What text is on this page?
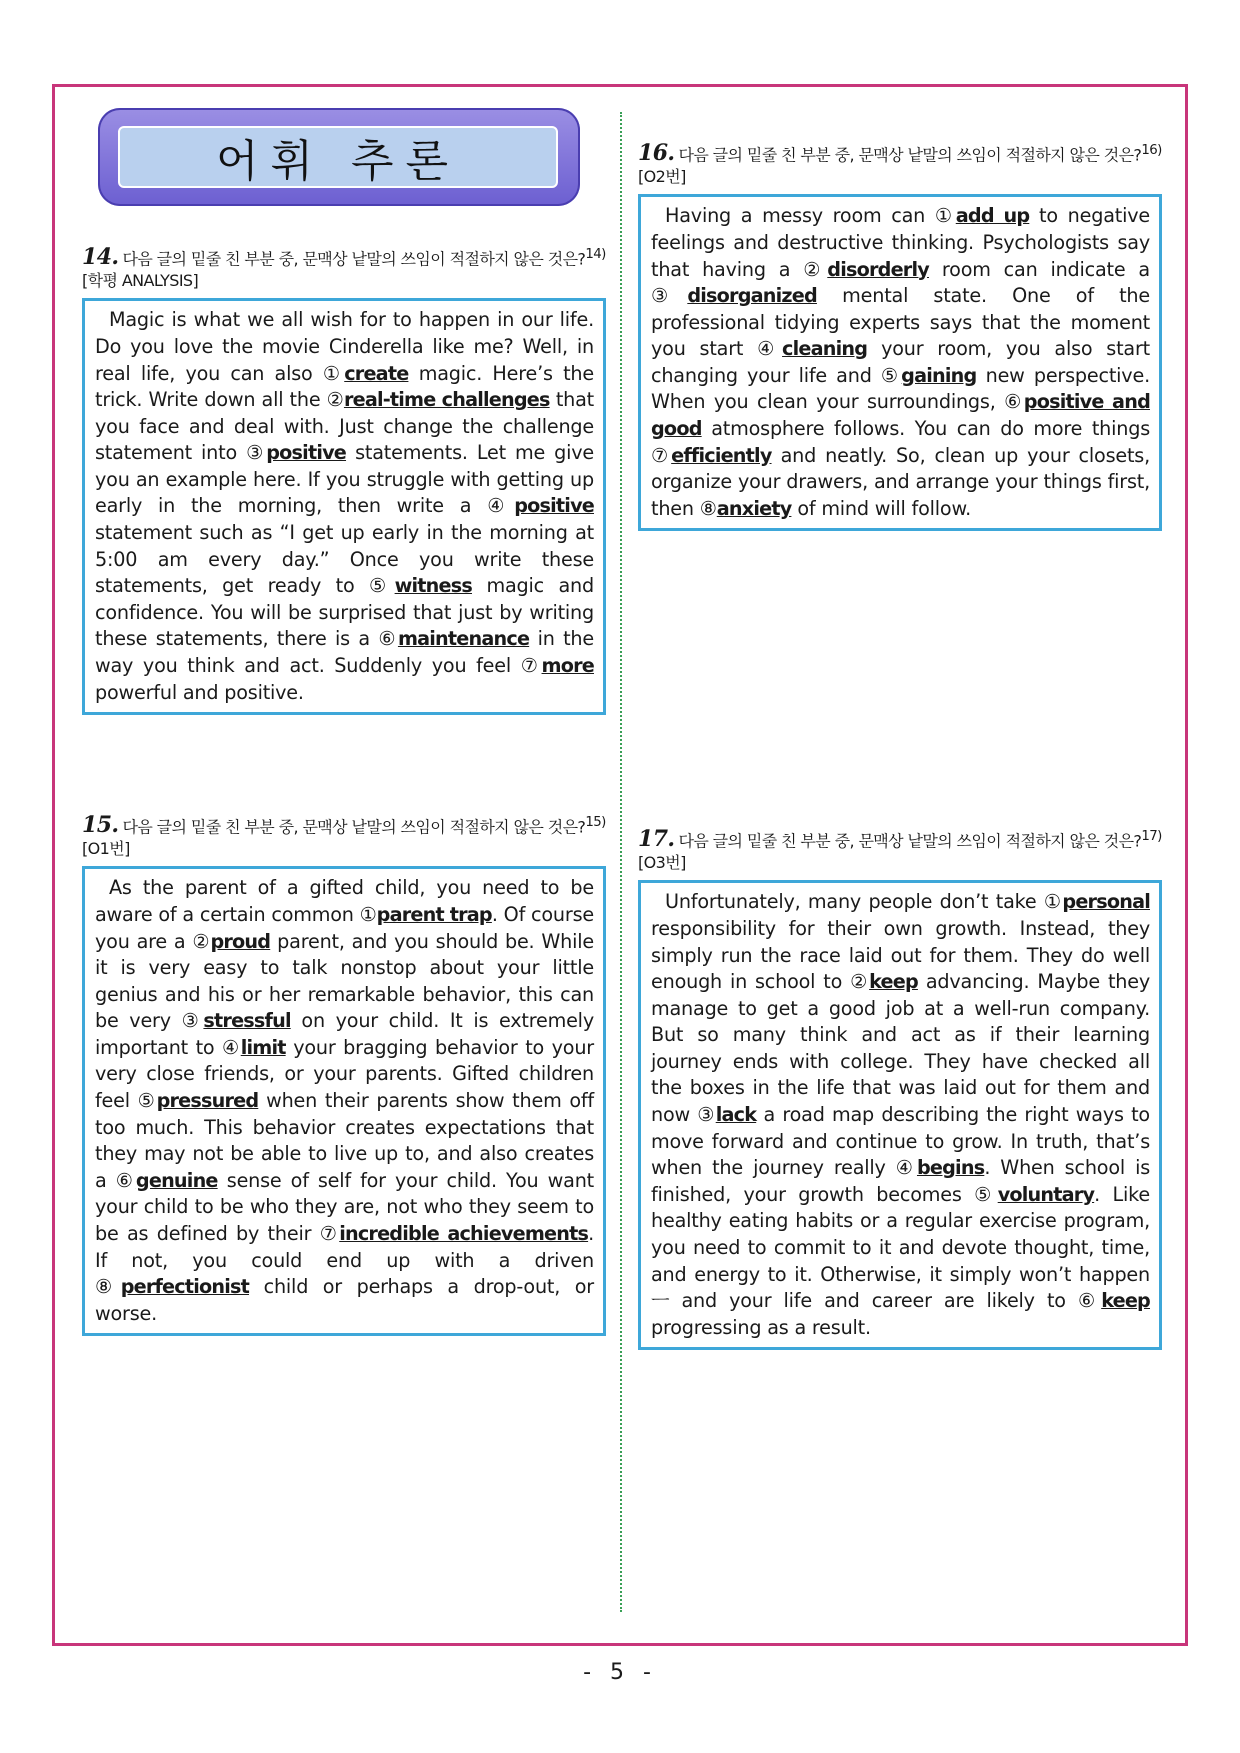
어휘 추론
14. 다음 글의 밑줄 친 부분 중, 문맥상 낱말의 쓰임이 적절하지 않은 것은?$^{14)}$[학평 ANALYSIS]

Magic is what we all wish for to happen in our life. Do you love the movie Cinderella like me? Well, in real life, you can also ①create magic. Here’s the trick. Write down all the ②real-time challenges that you face and deal with. Just change the challenge statement into ③positive statements. Let me give you an example here. If you struggle with getting up early in the morning, then write a ④positive statement such as “I get up early in the morning at 5:00 am every day.” Once you write these statements, get ready to ⑤witness magic and confidence. You will be surprised that just by writing these statements, there is a ⑥maintenance in the way you think and act. Suddenly you feel ⑦more powerful and positive.

15. 다음 글의 밑줄 친 부분 중, 문맥상 낱말의 쓰임이 적절하지 않은 것은?$^{15)}$[O1번]

As the parent of a gifted child, you need to be aware of a certain common ①parent trap. Of course you are a ②proud parent, and you should be. While it is very easy to talk nonstop about your little genius and his or her remarkable behavior, this can be very ③stressful on your child. It is extremely important to ④limit your bragging behavior to your very close friends, or your parents. Gifted children feel ⑤pressured when their parents show them off too much. This behavior creates expectations that they may not be able to live up to, and also creates a ⑥genuine sense of self for your child. You want your child to be who they are, not who they seem to be as defined by their ⑦incredible achievements. If not, you could end up with a driven ⑧perfectionist child or perhaps a drop-out, or worse.

16. 다음 글의 밑줄 친 부분 중, 문맥상 낱말의 쓰임이 적절하지 않은 것은?$^{16)}$[O2번]

Having a messy room can ①add up to negative feelings and destructive thinking. Psychologists say that having a ②disorderly room can indicate a ③disorganized mental state. One of the professional tidying experts says that the moment you start ④cleaning your room, you also start changing your life and ⑤gaining new perspective. When you clean your surroundings, ⑥positive and good atmosphere follows. You can do more things ⑦efficiently and neatly. So, clean up your closets, organize your drawers, and arrange your things first, then ⑧anxiety of mind will follow.

17. 다음 글의 밑줄 친 부분 중, 문맥상 낱말의 쓰임이 적절하지 않은 것은?$^{17)}$[O3번]

Unfortunately, many people don’t take ①personal responsibility for their own growth. Instead, they simply run the race laid out for them. They do well enough in school to ②keep advancing. Maybe they manage to get a good job at a well-run company. But so many think and act as if their learning journey ends with college. They have checked all the boxes in the life that was laid out for them and now ③lack a road map describing the right ways to move forward and continue to grow. In truth, that’s when the journey really ④begins. When school is finished, your growth becomes ⑤voluntary. Like healthy eating habits or a regular exercise program, you need to commit to it and devote thought, time, and energy to it. Otherwise, it simply won’t happen ㅡ and your life and career are likely to ⑥keep progressing as a result.

- 5 -
